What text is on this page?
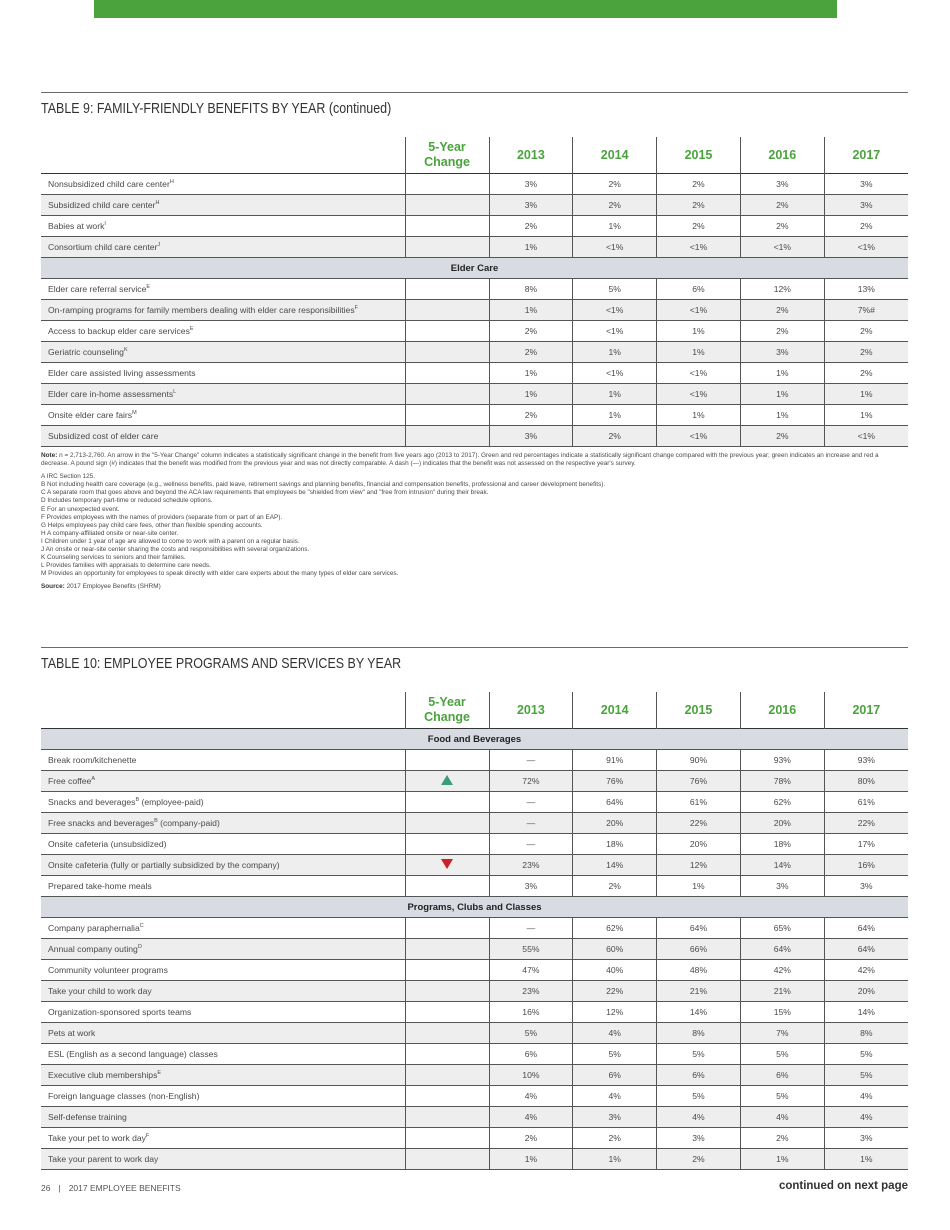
TABLE 9: FAMILY-FRIENDLY BENEFITS BY YEAR (continued)
	5-Year
Change	2013	2014	2015	2016	2017
Nonsubsidized child care center$^H$		3%	2%	2%	3%	3%
Subsidized child care center$^H$		3%	2%	2%	2%	3%
Babies at work$^I$		2%	1%	2%	2%	2%
Consortium child care center$^J$		1%	<1%	<1%	<1%	<1%
Elder Care						
Elder care referral service$^E$		8%	5%	6%	12%	13%
On-ramping programs for family members dealing with elder care responsibilities$^F$		1%	<1%	<1%	2%	7%#
Access to backup elder care services$^E$		2%	<1%	1%	2%	2%
Geriatric counseling$^K$		2%	1%	1%	3%	2%
Elder care assisted living assessments		1%	<1%	<1%	1%	2%
Elder care in-home assessments$^L$		1%	1%	<1%	1%	1%
Onsite elder care fairs$^M$		2%	1%	1%	1%	1%
Subsidized cost of elder care		3%	2%	<1%	2%	<1%

Note: n = 2,713-2,760. An arrow in the "5-Year Change" column indicates a statistically significant change in the benefit from five years ago (2013 to 2017). Green and red percentages indicate a statistically significant change compared with the previous year; green indicates an increase and red a decrease. A pound sign (#) indicates that the benefit was modified from the previous year and was not directly comparable. A dash (—) indicates that the benefit was not assessed on the respective year's survey.

A IRC Section 125.

B Not including health care coverage (e.g., wellness benefits, paid leave, retirement savings and planning benefits, financial and compensation benefits, professional and career development benefits).

C A separate room that goes above and beyond the ACA law requirements that employees be "shielded from view" and "free from intrusion" during their break.

D Includes temporary part-time or reduced schedule options.

E For an unexpected event.

F Provides employees with the names of providers (separate from or part of an EAP).

G Helps employees pay child care fees, other than flexible spending accounts.

H A company-affiliated onsite or near-site center.

I Children under 1 year of age are allowed to come to work with a parent on a regular basis.

J An onsite or near-site center sharing the costs and responsibilities with several organizations.

K Counseling services to seniors and their families.

L Provides families with appraisals to determine care needs.

M Provides an opportunity for employees to speak directly with elder care experts about the many types of elder care services.

Source: 2017 Employee Benefits (SHRM)

TABLE 10: EMPLOYEE PROGRAMS AND SERVICES BY YEAR
	5-Year
Change	2013	2014	2015	2016	2017
Food and Beverages						
Break room/kitchenette		—	91%	90%	93%	93%
Free coffee$^A$		72%	76%	76%	78%	80%
Snacks and beverages$^B$ (employee-paid)		—	64%	61%	62%	61%
Free snacks and beverages$^B$ (company-paid)		—	20%	22%	20%	22%
Onsite cafeteria (unsubsidized)		—	18%	20%	18%	17%
Onsite cafeteria (fully or partially subsidized by the company)		23%	14%	12%	14%	16%
Prepared take-home meals		3%	2%	1%	3%	3%
Programs, Clubs and Classes						
Company paraphernalia$^C$		—	62%	64%	65%	64%
Annual company outing$^D$		55%	60%	66%	64%	64%
Community volunteer programs		47%	40%	48%	42%	42%
Take your child to work day		23%	22%	21%	21%	20%
Organization-sponsored sports teams		16%	12%	14%	15%	14%
Pets at work		5%	4%	8%	7%	8%
ESL (English as a second language) classes		6%	5%	5%	5%	5%
Executive club memberships$^E$		10%	6%	6%	6%	5%
Foreign language classes (non-English)		4%	4%	5%	5%	4%
Self-defense training		4%	3%	4%	4%	4%
Take your pet to work day$^F$		2%	2%	3%	2%	3%
Take your parent to work day		1%	1%	2%	1%	1%
26 | 2017 EMPLOYEE BENEFITS	continued on next page
